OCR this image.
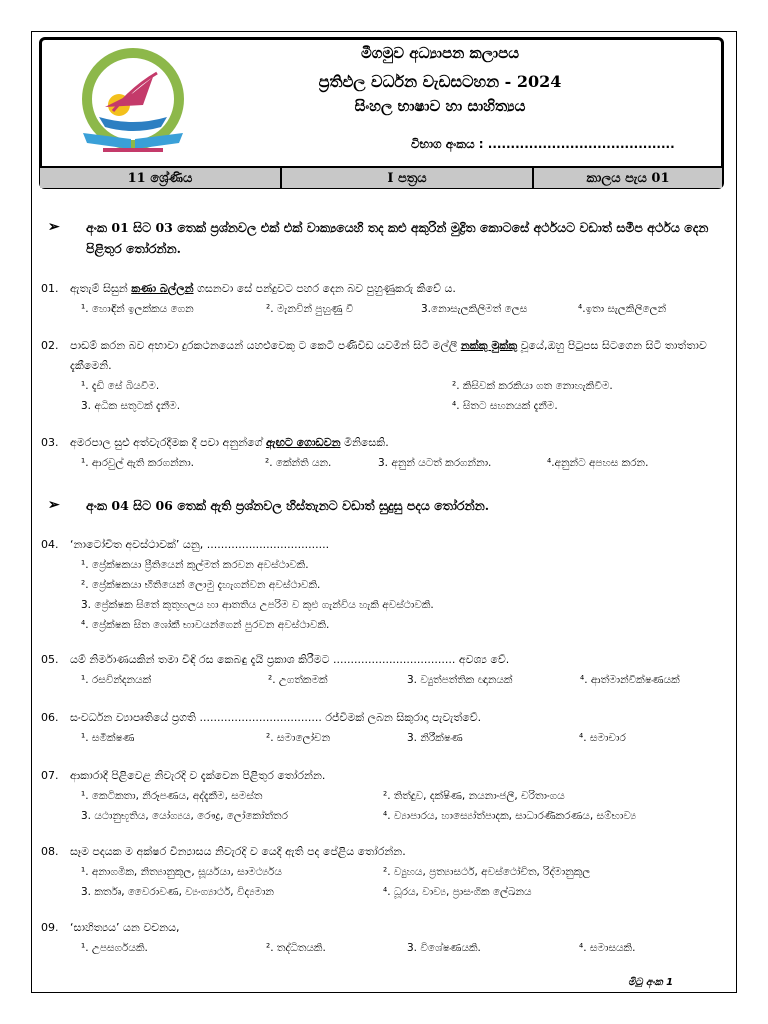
මීගමුව අධ්‍යාපන කලාපය
ප්‍රතිඵල වර්ධන වැඩසටහන - 2024
සිංහල භාෂාව හා සාහිත්‍යය
විභාග අංකය : .........................................
11 ශ්‍රේණිය	I පත්‍රය	කාලය පැය 01
➢ අංක 01 සිට 03 තෙක් ප්‍රශ්නවල එක් එක් වාක්‍යයෙහි තද කළු අකුරින් මුද්‍රිත කොටසේ අර්ථයට වඩාත් සමීප අර්ථය දෙන පිළිතුර තෝරන්න.
01. ඇතැම් සිසුන් කණා බල්ලන් ගසනවා සේ පන්දුවට පහර දෙන බව පුහුණුකරු කිවේ ය.
¹. හොඳින් ඉලක්කය ගෙන	². මැනවින් පුහුණු වී	3.නොසැලකිලිමත් ලෙස	⁴.ඉතා සැලකිලිලෙන්
02. පාඩම් කරන බව අභාවා දුරකථනයෙන් යහළුවෙකු ට කෙටි පණිවිඩ යවමින් සිටි මල්ලී නක්කු මුක්කු වූයේ,ඔහු පිටුපස සිටගෙන සිටි තාත්තාව දැකීමෙනි.
¹. දැඩි සේ බියවීම.	². කිසිවක් කරකියා ගත නොහැකිවීම.
3. අධික සතුටක් දැනීම.	⁴. සිතට සහනයක් දැනීම.
03. අමරපාල සුළු අත්වැරදීමක දී පවා අනුන්ගේ ඇඟට ගොඩවන මිනිසෙකි.
¹. ආරවුල් ඇති කරගන්නා.	². කේන්ති යන.	3. අනුන් යටත් කරගන්නා.	⁴.අනුන්ට අපහස කරන.
➢ අංක 04 සිට 06 තෙක් ඇති ප්‍රශ්නවල හිස්තැනට වඩාත් සුදුසු පදය තෝරන්න.
04. ‘නාටෝචිත අවස්ථාවක්’ යනු, ...................................
¹. ප්‍රේක්ෂකයා ප්‍රීතියෙන් කුල්මත් කරවන අවස්ථාවකි.
². ප්‍රේක්ෂකයා භීතියෙන් ලොමු දැහැගන්වන අවස්ථාවකි.
3. ප්‍රේක්ෂක සිතේ කුතුහලය හා ආතතිය උපරිම ව කුළු ගැන්විය හැකි අවස්ථාවකි.
⁴. ප්‍රේක්ෂක සිත ශෝකී භාවයන්ගෙන් පුරවන අවස්ථාවකි.
05. යම් නිර්මාණයකින් තමා විඳි රස කෙබඳු දැයි ප්‍රකාශ කිරීමට ................................... අවශ්‍ය වේ.
¹. රසවින්දනයක්	². උගත්කමක්	3. ව්‍යුත්පත්තික ඥානයක්	⁴. ආත්මාන්වීක්ෂණයක්
06. සංවර්ධන ව්‍යාපෘතියේ ප්‍රගති ................................... රජ්වීමක් ලබන සිකුරාදා පැවැත්වේ.
¹. සමීක්ෂණ	². සමාලෝචන	3. නිරීක්ෂණ	⁴. සමාචාර
07. ආකාරාදී පිළිවෙළ නිවැරදි ව දැක්වෙන පිළිතුර තෝරන්න.
¹. කෙටිකතා, නිරූපණය, අද්දැකීම, සමස්ත	². තිත්දුව, දක්ෂිණ, නයනාංජලී, චරිතාංගය
3. යථානුභූතිය, යෝග්‍යය, රෞද්‍ර, ලෝකෝත්තර	⁴. ව්‍යාපාරය, හාස්‍යෝත්පාදක, සාධාරණීකරණය, සම්භාව්‍ය
08. සෑම පදයක ම අක්ෂර වින්‍යාසය නිවැරදි ව යෙදී ඇති පද පේළිය තෝරන්න.
¹. අනාගමික, නිත්‍යානුකූල, සූර්යයා, සාමර්ථ්‍යය	². ව්‍යුහය, ප්‍රත්‍යාසර්ථ, අවස්ථෝචිත, රිද්මානුකූල
3. කර්තෘ, වෛරාවණ, ව්‍යංග්‍යාර්ථ, විද්‍යමාන	⁴. ධූරය, වාව්‍ය, ප්‍රාසංගික ලේඛනය
09. ‘සාහිත්‍යය’ යන වචනය,
¹. උපසර්ගයකි.	². තද්ධිතයකි.	3. විශේෂණයකි.	⁴. සමාසයකි.
මිටු අංක 1
